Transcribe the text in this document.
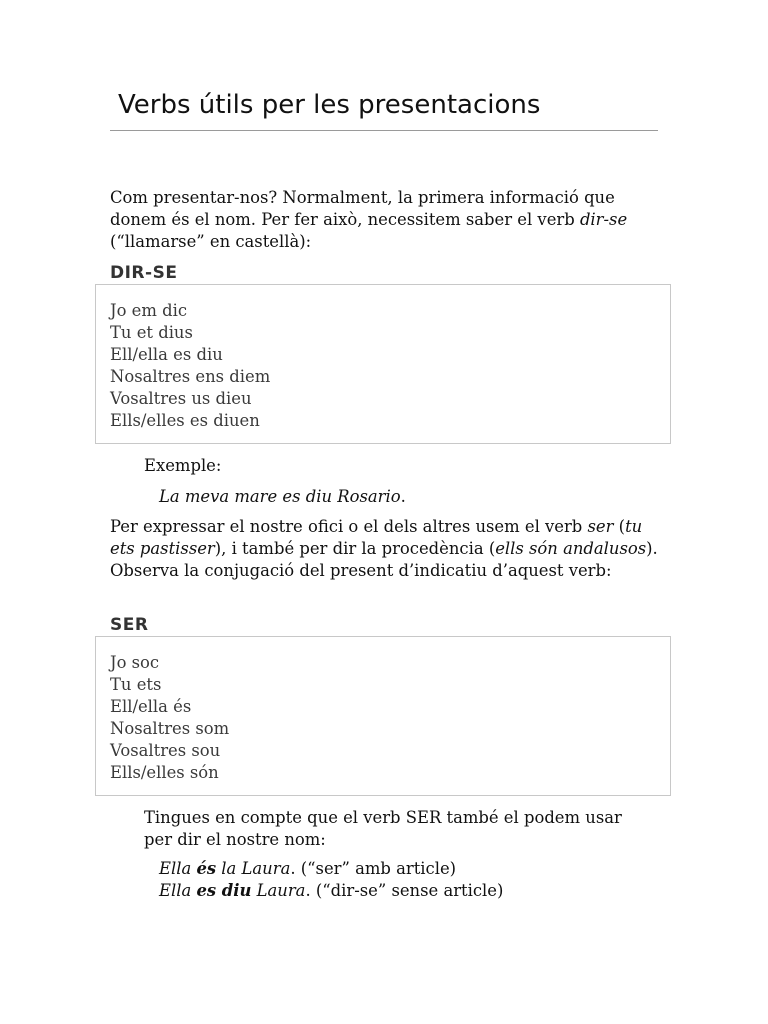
Verbs útils per les presentacions

Com presentar-nos? Normalment, la primera informació que donem és el nom. Per fer això, necessitem saber el verb dir-se (“llamarse” en castellà):

DIR-SE
Jo em dic
Tu et dius
Ell/ella es diu
Nosaltres ens diem
Vosaltres us dieu
Ells/elles es diuen

Exemple:

La meva mare es diu Rosario.

Per expressar el nostre ofici o el dels altres usem el verb ser (tu ets pastisser), i també per dir la procedència (ells són andalusos). Observa la conjugació del present d’indicatiu d’aquest verb:

SER
Jo soc
Tu ets
Ell/ella és
Nosaltres som
Vosaltres sou
Ells/elles són

Tingues en compte que el verb SER també el podem usar per dir el nostre nom:

Ella és la Laura. (“ser” amb article)

Ella es diu Laura. (“dir-se” sense article)
